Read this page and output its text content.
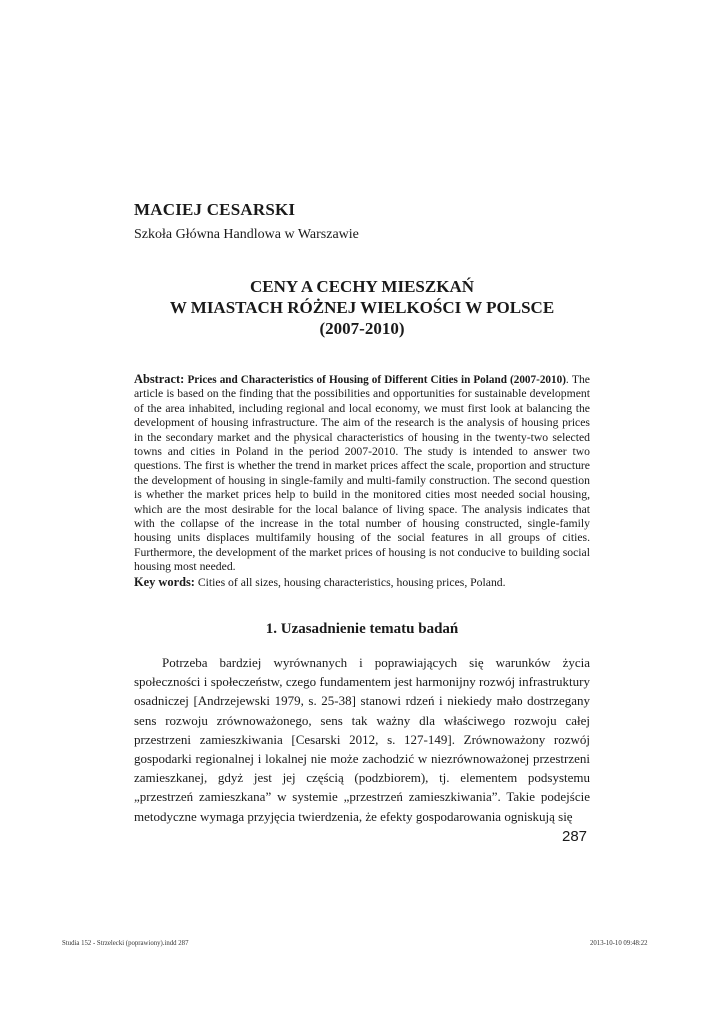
MACIEJ CESARSKI
Szkoła Główna Handlowa w Warszawie
CENY A CECHY MIESZKAŃ
W MIASTACH RÓŻNEJ WIELKOŚCI W POLSCE
(2007-2010)
Abstract: Prices and Characteristics of Housing of Different Cities in Poland (2007-2010). The article is based on the finding that the possibilities and opportunities for sustainable development of the area inhabited, including regional and local economy, we must first look at balancing the development of housing infrastructure. The aim of the research is the analysis of housing prices in the secondary market and the physical characteristics of housing in the twenty-two selected towns and cities in Poland in the period 2007-2010. The study is intended to answer two questions. The first is whether the trend in market prices affect the scale, proportion and structure the development of housing in single-family and multi-family construction. The second question is whether the market prices help to build in the monitored cities most needed social housing, which are the most desirable for the local balance of living space. The analysis indicates that with the collapse of the increase in the total number of housing constructed, single-family housing units displaces multifamily housing of the social features in all groups of cities. Furthermore, the development of the market prices of housing is not conducive to building social housing most needed.
Key words: Cities of all sizes, housing characteristics, housing prices, Poland.
1. Uzasadnienie tematu badań

Potrzeba bardziej wyrównanych i poprawiających się warunków życia społeczności i społeczeństw, czego fundamentem jest harmonijny rozwój infrastruktury osadniczej [Andrzejewski 1979, s. 25-38] stanowi rdzeń i niekiedy mało dostrzegany sens rozwoju zrównoważonego, sens tak ważny dla właściwego rozwoju całej przestrzeni zamieszkiwania [Cesarski 2012, s. 127-149]. Zrównoważony rozwój gospodarki regionalnej i lokalnej nie może zachodzić w niezrównoważonej przestrzeni zamieszkanej, gdyż jest jej częścią (podzbiorem), tj. elementem podsystemu „przestrzeń zamieszkana” w systemie „przestrzeń zamieszkiwania”. Takie podejście metodyczne wymaga przyjęcia twierdzenia, że efekty gospodarowania ogniskują się

287
Studia 152 - Strzelecki (poprawiony).indd 287	2013-10-10 09:48:22
